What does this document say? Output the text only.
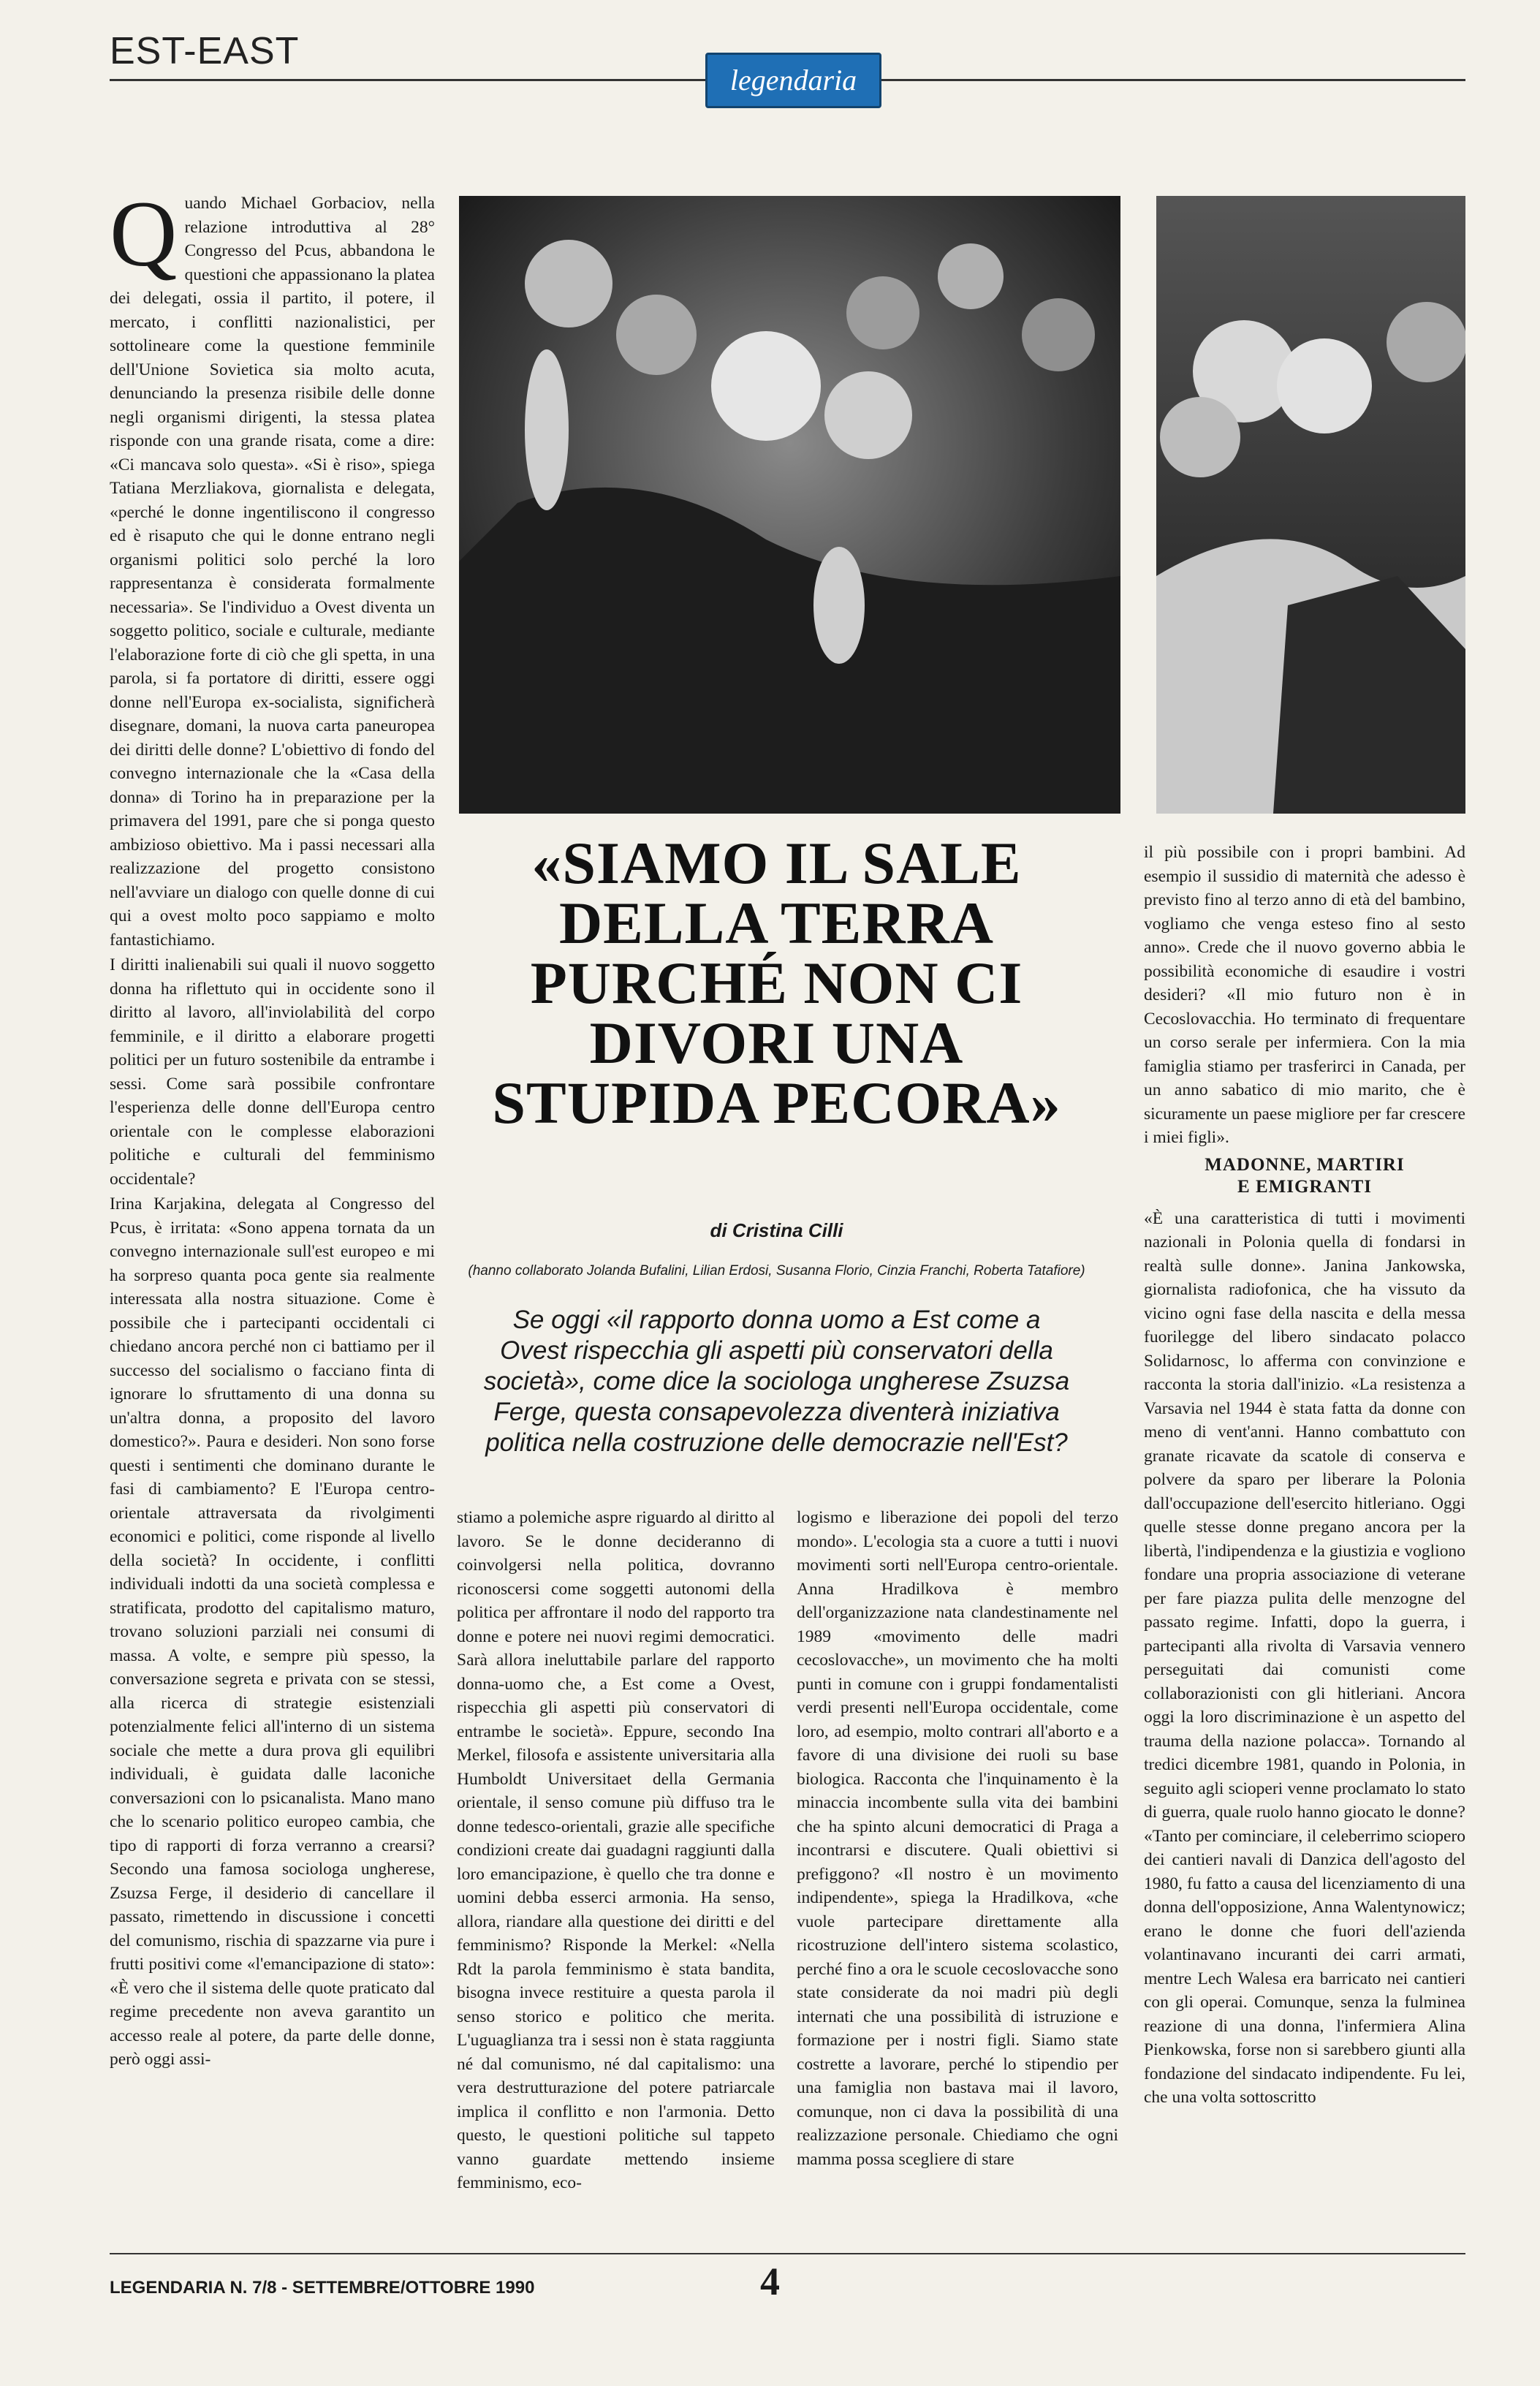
EST-EAST
legendaria
Q uando Michael Gorbaciov, nella relazione introduttiva al 28° Congresso del Pcus, abbandona le questioni che appassionano la platea dei delegati, ossia il partito, il potere, il mercato, i conflitti nazionalistici, per sottolineare come la questione femminile dell'Unione Sovietica sia molto acuta, denunciando la presenza risibile delle donne negli organismi dirigenti, la stessa platea risponde con una grande risata, come a dire: «Ci mancava solo questa». «Si è riso», spiega Tatiana Merzliakova, giornalista e delegata, «perché le donne ingentiliscono il congresso ed è risaputo che qui le donne entrano negli organismi politici solo perché la loro rappresentanza è considerata formalmente necessaria». Se l'individuo a Ovest diventa un soggetto politico, sociale e culturale, mediante l'elaborazione forte di ciò che gli spetta, in una parola, si fa portatore di diritti, essere oggi donne nell'Europa ex-socialista, significherà disegnare, domani, la nuova carta paneuropea dei diritti delle donne? L'obiettivo di fondo del convegno internazionale che la «Casa della donna» di Torino ha in preparazione per la primavera del 1991, pare che si ponga questo ambizioso obiettivo. Ma i passi necessari alla realizzazione del progetto consistono nell'avviare un dialogo con quelle donne di cui qui a ovest molto poco sappiamo e molto fantastichiamo.

I diritti inalienabili sui quali il nuovo soggetto donna ha riflettuto qui in occidente sono il diritto al lavoro, all'inviolabilità del corpo femminile, e il diritto a elaborare progetti politici per un futuro sostenibile da entrambe i sessi. Come sarà possibile confrontare l'esperienza delle donne dell'Europa centro orientale con le complesse elaborazioni politiche e culturali del femminismo occidentale?

Irina Karjakina, delegata al Congresso del Pcus, è irritata: «Sono appena tornata da un convegno internazionale sull'est europeo e mi ha sorpreso quanta poca gente sia realmente interessata alla nostra situazione. Come è possibile che i partecipanti occidentali ci chiedano ancora perché non ci battiamo per il successo del socialismo o facciano finta di ignorare lo sfruttamento di una donna su un'altra donna, a proposito del lavoro domestico?». Paura e desideri. Non sono forse questi i sentimenti che dominano durante le fasi di cambiamento? E l'Europa centro-orientale attraversata da rivolgimenti economici e politici, come risponde al livello della società? In occidente, i conflitti individuali indotti da una società complessa e stratificata, prodotto del capitalismo maturo, trovano soluzioni parziali nei consumi di massa. A volte, e sempre più spesso, la conversazione segreta e privata con se stessi, alla ricerca di strategie esistenziali potenzialmente felici all'interno di un sistema sociale che mette a dura prova gli equilibri individuali, è guidata dalle laconiche conversazioni con lo psicanalista. Mano mano che lo scenario politico europeo cambia, che tipo di rapporti di forza verranno a crearsi? Secondo una famosa sociologa ungherese, Zsuzsa Ferge, il desiderio di cancellare il passato, rimettendo in discussione i concetti del comunismo, rischia di spazzarne via pure i frutti positivi come «l'emancipazione di stato»: «È vero che il sistema delle quote praticato dal regime precedente non aveva garantito un accesso reale al potere, da parte delle donne, però oggi assi-

«SIAMO IL SALE DELLA TERRA PURCHÉ NON CI DIVORI UNA STUPIDA PECORA»
di Cristina Cilli
(hanno collaborato Jolanda Bufalini, Lilian Erdosi, Susanna Florio, Cinzia Franchi, Roberta Tatafiore)
Se oggi «il rapporto donna uomo a Est come a Ovest rispecchia gli aspetti più conservatori della società», come dice la sociologa ungherese Zsuzsa Ferge, questa consapevolezza diventerà iniziativa politica nella costruzione delle democrazie nell'Est?

stiamo a polemiche aspre riguardo al diritto al lavoro. Se le donne decideranno di coinvolgersi nella politica, dovranno riconoscersi come soggetti autonomi della politica per affrontare il nodo del rapporto tra donne e potere nei nuovi regimi democratici. Sarà allora ineluttabile parlare del rapporto donna-uomo che, a Est come a Ovest, rispecchia gli aspetti più conservatori di entrambe le società». Eppure, secondo Ina Merkel, filosofa e assistente universitaria alla Humboldt Universitaet della Germania orientale, il senso comune più diffuso tra le donne tedesco-orientali, grazie alle specifiche condizioni create dai guadagni raggiunti dalla loro emancipazione, è quello che tra donne e uomini debba esserci armonia. Ha senso, allora, riandare alla questione dei diritti e del femminismo? Risponde la Merkel: «Nella Rdt la parola femminismo è stata bandita, bisogna invece restituire a questa parola il senso storico e politico che merita. L'uguaglianza tra i sessi non è stata raggiunta né dal comunismo, né dal capitalismo: una vera destrutturazione del potere patriarcale implica il conflitto e non l'armonia. Detto questo, le questioni politiche sul tappeto vanno guardate mettendo insieme femminismo, eco-

logismo e liberazione dei popoli del terzo mondo». L'ecologia sta a cuore a tutti i nuovi movimenti sorti nell'Europa centro-orientale. Anna Hradilkova è membro dell'organizzazione nata clandestinamente nel 1989 «movimento delle madri cecoslovacche», un movimento che ha molti punti in comune con i gruppi fondamentalisti verdi presenti nell'Europa occidentale, come loro, ad esempio, molto contrari all'aborto e a favore di una divisione dei ruoli su base biologica. Racconta che l'inquinamento è la minaccia incombente sulla vita dei bambini che ha spinto alcuni democratici di Praga a incontrarsi e discutere. Quali obiettivi si prefiggono? «Il nostro è un movimento indipendente», spiega la Hradilkova, «che vuole partecipare direttamente alla ricostruzione dell'intero sistema scolastico, perché fino a ora le scuole cecoslovacche sono state considerate da noi madri più degli internati che una possibilità di istruzione e formazione per i nostri figli. Siamo state costrette a lavorare, perché lo stipendio per una famiglia non bastava mai il lavoro, comunque, non ci dava la possibilità di una realizzazione personale. Chiediamo che ogni mamma possa scegliere di stare

il più possibile con i propri bambini. Ad esempio il sussidio di maternità che adesso è previsto fino al terzo anno di età del bambino, vogliamo che venga esteso fino al sesto anno». Crede che il nuovo governo abbia le possibilità economiche di esaudire i vostri desideri? «Il mio futuro non è in Cecoslovacchia. Ho terminato di frequentare un corso serale per infermiera. Con la mia famiglia stiamo per trasferirci in Canada, per un anno sabatico di mio marito, che è sicuramente un paese migliore per far crescere i miei figli».

MADONNE, MARTIRI
E EMIGRANTI

«È una caratteristica di tutti i movimenti nazionali in Polonia quella di fondarsi in realtà sulle donne». Janina Jankowska, giornalista radiofonica, che ha vissuto da vicino ogni fase della nascita e della messa fuorilegge del libero sindacato polacco Solidarnosc, lo afferma con convinzione e racconta la storia dall'inizio. «La resistenza a Varsavia nel 1944 è stata fatta da donne con meno di vent'anni. Hanno combattuto con granate ricavate da scatole di conserva e polvere da sparo per liberare la Polonia dall'occupazione dell'esercito hitleriano. Oggi quelle stesse donne pregano ancora per la libertà, l'indipendenza e la giustizia e vogliono fondare una propria associazione di veterane per fare piazza pulita delle menzogne del passato regime. Infatti, dopo la guerra, i partecipanti alla rivolta di Varsavia vennero perseguitati dai comunisti come collaborazionisti con gli hitleriani. Ancora oggi la loro discriminazione è un aspetto del trauma della nazione polacca». Tornando al tredici dicembre 1981, quando in Polonia, in seguito agli scioperi venne proclamato lo stato di guerra, quale ruolo hanno giocato le donne? «Tanto per cominciare, il celeberrimo sciopero dei cantieri navali di Danzica dell'agosto del 1980, fu fatto a causa del licenziamento di una donna dell'opposizione, Anna Walentynowicz; erano le donne che fuori dell'azienda volantinavano incuranti dei carri armati, mentre Lech Walesa era barricato nei cantieri con gli operai. Comunque, senza la fulminea reazione di una donna, l'infermiera Alina Pienkowska, forse non si sarebbero giunti alla fondazione del sindacato indipendente. Fu lei, che una volta sottoscritto

LEGENDARIA N. 7/8 - SETTEMBRE/OTTOBRE 1990	4
